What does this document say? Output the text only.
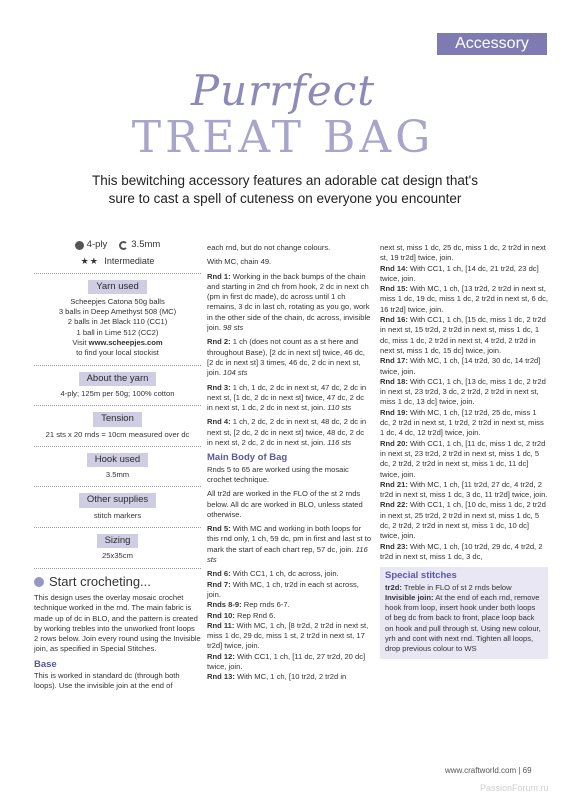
Accessory
Purrfect
TREAT BAG
This bewitching accessory features an adorable cat design that's sure to cast a spell of cuteness on everyone you encounter
4-ply	3.5mm
★★ Intermediate
Yarn used
Scheepjes Catona 50g balls
3 balls in Deep Amethyst 508 (MC)
2 balls in Jet Black 110 (CC1)
1 ball in Lime 512 (CC2)
Visit www.scheepjes.com
to find your local stockist
About the yarn
4-ply; 125m per 50g; 100% cotton
Tension
21 sts x 20 rnds = 10cm measured over dc
Hook used
3.5mm
Other supplies
stitch markers
Sizing
25x35cm
Start crocheting...
This design uses the overlay mosaic crochet technique worked in the rnd. The main fabric is made up of dc in BLO, and the pattern is created by working trebles into the unworked front loops 2 rows below. Join every round using the Invisible join, as specified in Special Stitches.
Base
This is worked in standard dc (through both loops). Use the invisible join at the end of
each rnd, but do not change colours.
With MC, chain 49.
Rnd 1: Working in the back bumps of the chain and starting in 2nd ch from hook, 2 dc in next ch (pm in first dc made), dc across until 1 ch remains, 3 dc in last ch, rotating as you go, work in the other side of the chain, dc across, invisible join. 98 sts
Rnd 2: 1 ch (does not count as a st here and throughout Base), [2 dc in next st] twice, 46 dc, [2 dc in next st] 3 times, 46 dc, 2 dc in next st, join. 104 sts
Rnd 3: 1 ch, 1 dc, 2 dc in next st, 47 dc, 2 dc in next st, [1 dc, 2 dc in next st] twice, 47 dc, 2 dc in next st, 1 dc, 2 dc in next st, join. 110 sts
Rnd 4: 1 ch, 2 dc, 2 dc in next st, 48 dc, 2 dc in next st, [2 dc, 2 dc in next st] twice, 48 dc, 2 dc in next st, 2 dc, 2 dc in next st, join. 116 sts
Main Body of Bag
Rnds 5 to 65 are worked using the mosaic crochet technique.
All tr2d are worked in the FLO of the st 2 rnds below. All dc are worked in BLO, unless stated otherwise.
Rnd 5: With MC and working in both loops for this rnd only, 1 ch, 59 dc, pm in first and last st to mark the start of each chart rep, 57 dc, join. 116 sts
Rnd 6: With CC1, 1 ch, dc across, join.
Rnd 7: With MC, 1 ch, tr2d in each st across, join.
Rnds 8-9: Rep rnds 6-7.
Rnd 10: Rep Rnd 6.
Rnd 11: With MC, 1 ch, [8 tr2d, 2 tr2d in next st, miss 1 dc, 29 dc, miss 1 st, 2 tr2d in next st, 17 tr2d] twice, join.
Rnd 12: With CC1, 1 ch, [11 dc, 27 tr2d, 20 dc] twice, join.
Rnd 13: With MC, 1 ch, [10 tr2d, 2 tr2d in
next st, miss 1 dc, 25 dc, miss 1 dc, 2 tr2d in next st, 19 tr2d] twice, join.
Rnd 14: With CC1, 1 ch, [14 dc, 21 tr2d, 23 dc] twice, join.
Rnd 15: With MC, 1 ch, [13 tr2d, 2 tr2d in next st, miss 1 dc, 19 dc, miss 1 dc, 2 tr2d in next st, 6 dc, 16 tr2d] twice, join.
Rnd 16: With CC1, 1 ch, [15 dc, miss 1 dc, 2 tr2d in next st, 15 tr2d, 2 tr2d in next st, miss 1 dc, 1 dc, miss 1 dc, 2 tr2d in next st, 4 tr2d, 2 tr2d in next st, miss 1 dc, 15 dc] twice, join.
Rnd 17: With MC, 1 ch, [14 tr2d, 30 dc, 14 tr2d] twice, join.
Rnd 18: With CC1, 1 ch, [13 dc, miss 1 dc, 2 tr2d in next st, 23 tr2d, 3 dc, 2 tr2d, 2 tr2d in next st, miss 1 dc, 13 dc] twice, join.
Rnd 19: With MC, 1 ch, [12 tr2d, 25 dc, miss 1 dc, 2 tr2d in next st, 1 tr2d, 2 tr2d in next st, miss 1 dc, 4 dc, 12 tr2d] twice, join.
Rnd 20: With CC1, 1 ch, [11 dc, miss 1 dc, 2 tr2d in next st, 23 tr2d, 2 tr2d in next st, miss 1 dc, 5 dc, 2 tr2d, 2 tr2d in next st, miss 1 dc, 11 dc] twice, join.
Rnd 21: With MC, 1 ch, [11 tr2d, 27 dc, 4 tr2d, 2 tr2d in next st, miss 1 dc, 3 dc, 11 tr2d] twice, join.
Rnd 22: With CC1, 1 ch, [10 dc, miss 1 dc, 2 tr2d in next st, 25 tr2d, 2 tr2d in next st, miss 1 dc, 5 dc, 2 tr2d, 2 tr2d in next st, miss 1 dc, 10 dc] twice, join.
Rnd 23: With MC, 1 ch, [10 tr2d, 29 dc, 4 tr2d, 2 tr2d in next st, miss 1 dc, 3 dc,
Special stitches
tr2d: Treble in FLO of st 2 rnds below
Invisible join: At the end of each rnd, remove hook from loop, insert hook under both loops of beg dc from back to front, place loop back on hook and pull through st. Using new colour, yrh and cont with next rnd. Tighten all loops, drop previous colour to WS
www.craftworld.com | 69
PassionForum.ru
